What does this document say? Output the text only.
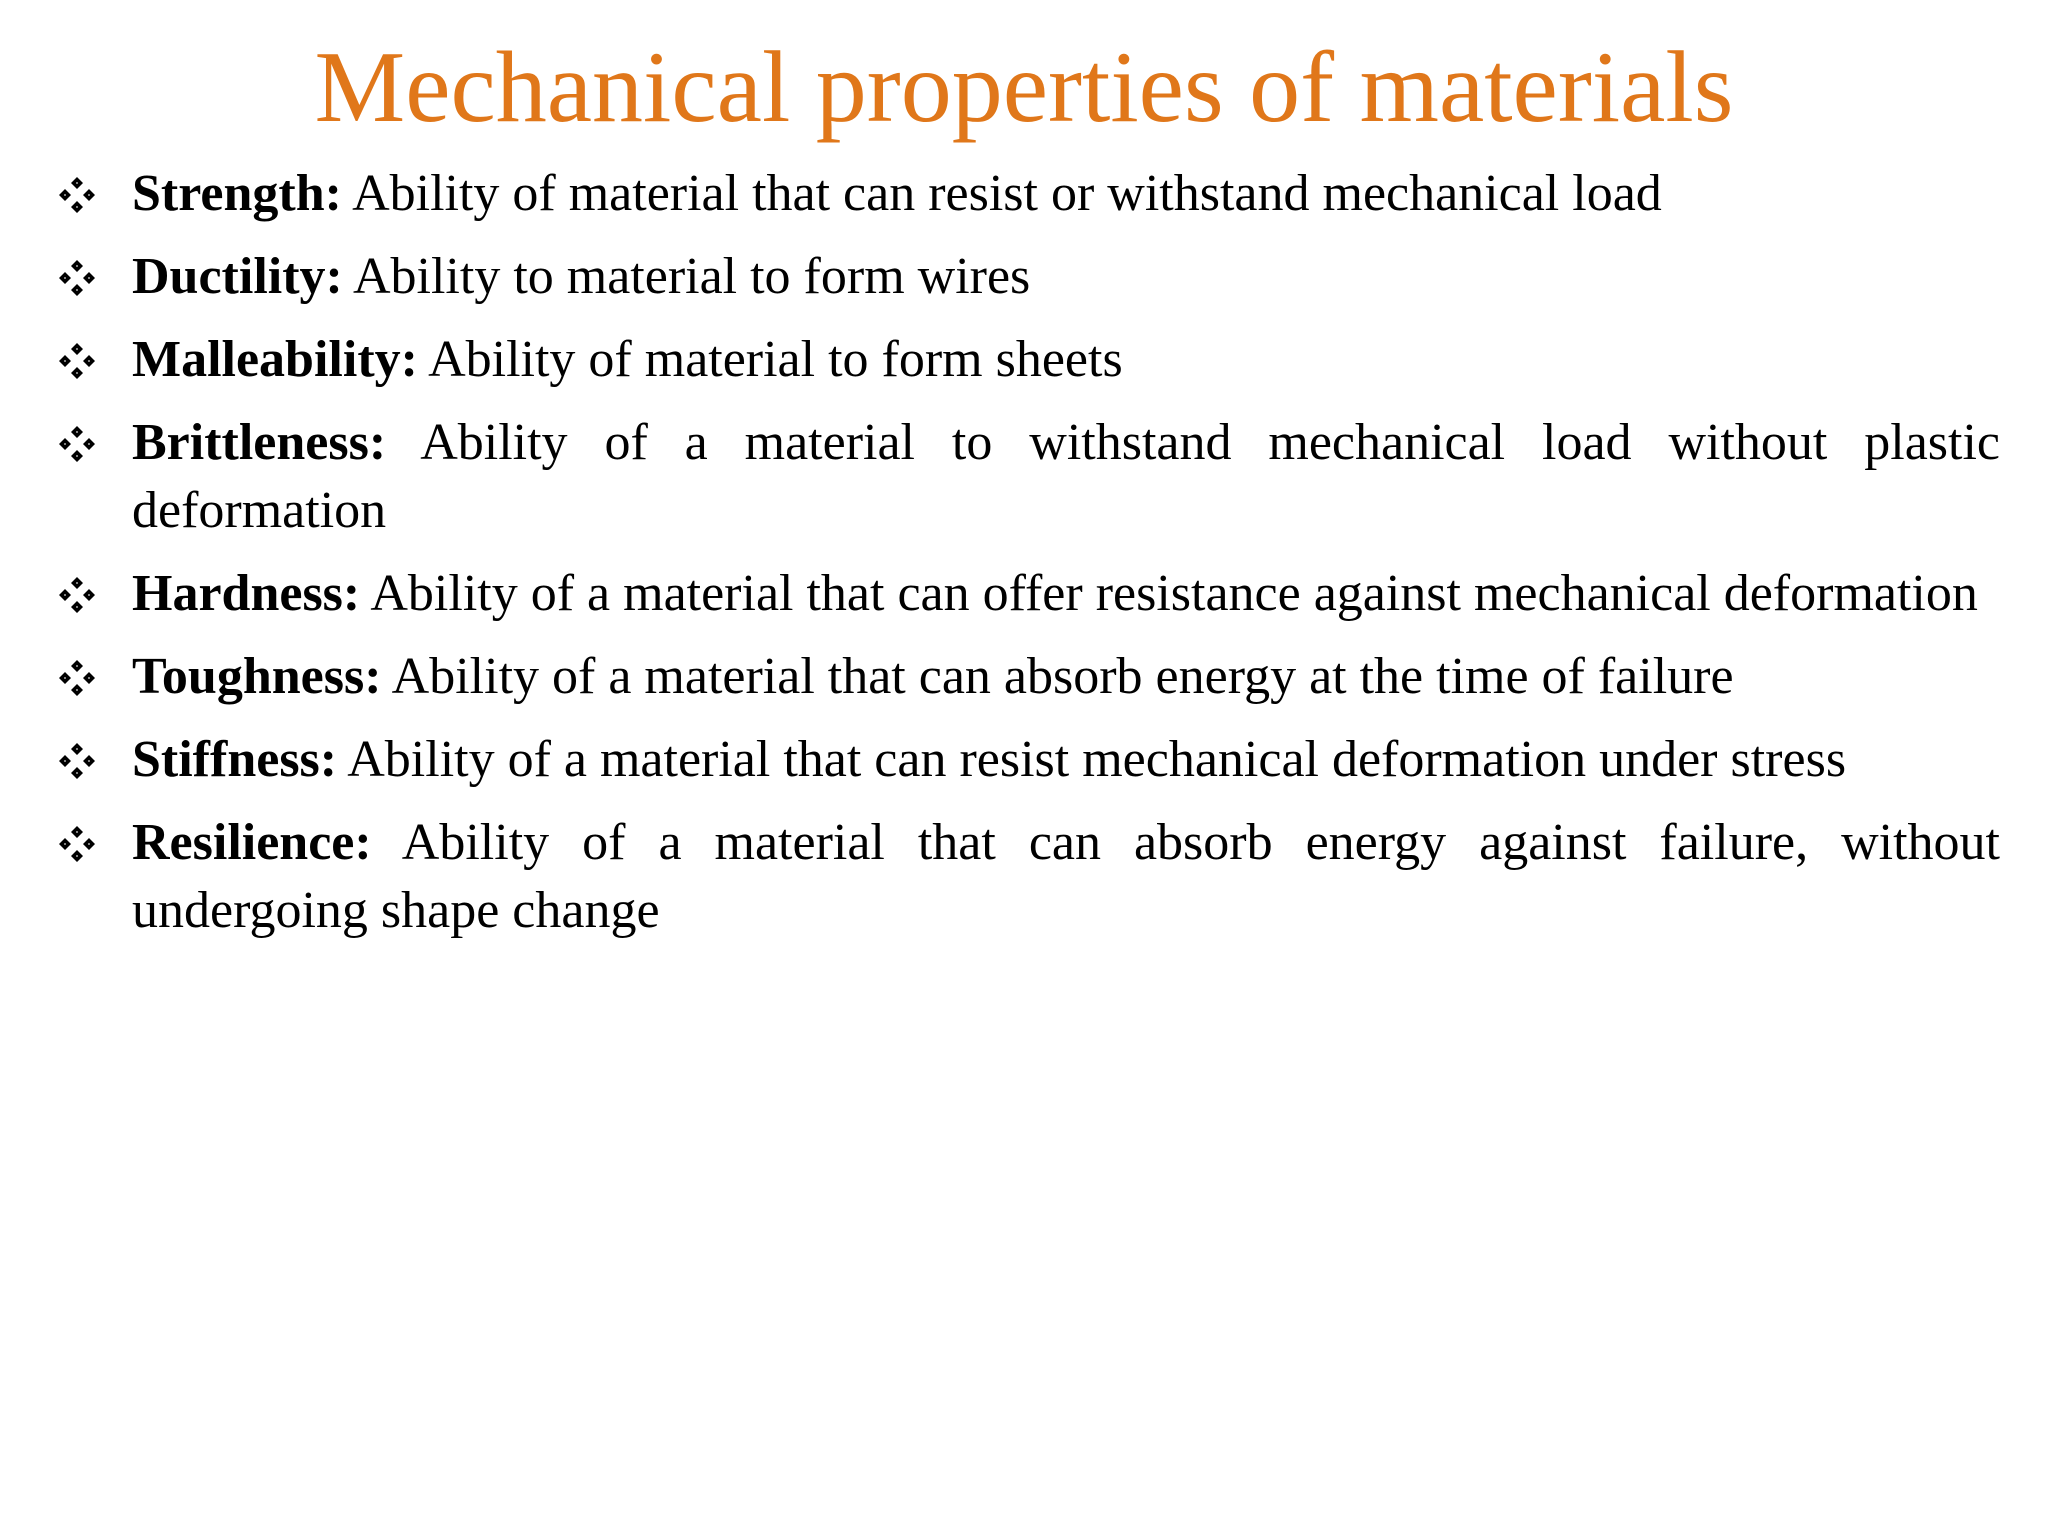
Mechanical properties of materials
Strength: Ability of material that can resist or withstand mechanical load
Ductility: Ability to material to form wires
Malleability: Ability of material to form sheets
Brittleness: Ability of a material to withstand mechanical load without plastic deformation
Hardness: Ability of a material that can offer resistance against mechanical deformation
Toughness: Ability of a material that can absorb energy at the time of failure
Stiffness: Ability of a material that can resist mechanical deformation under stress
Resilience: Ability of a material that can absorb energy against failure, without undergoing shape change
